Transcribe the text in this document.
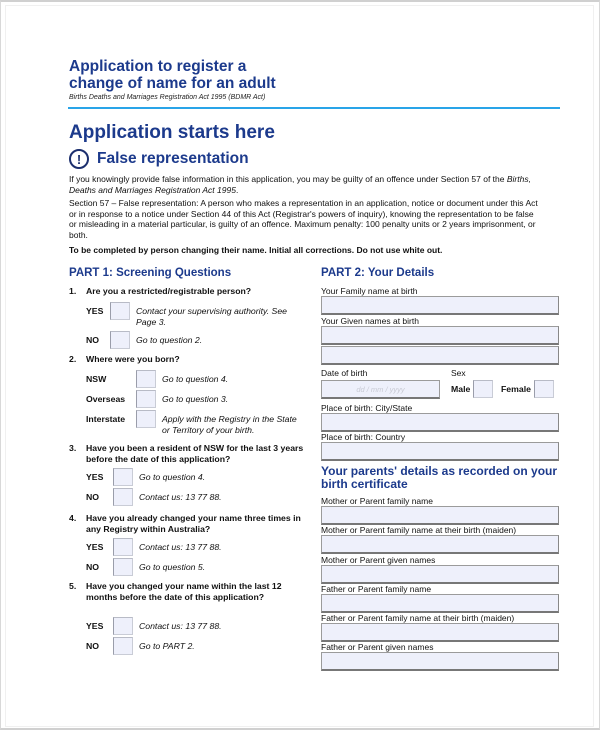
Application to register a
change of name for an adult
Births Deaths and Marriages Registration Act 1995 (BDMR Act)
Application starts here
!	False representation
If you knowingly provide false information in this application, you may be guilty of an offence under Section 57 of the Births, Deaths and Marriages Registration Act 1995.
Section 57 – False representation: A person who makes a representation in an application, notice or document under this Act or in response to a notice under Section 44 of this Act (Registrar's powers of inquiry), knowing the representation to be false or misleading in a material particular, is guilty of an offence. Maximum penalty: 100 penalty units or 2 years imprisonment, or both.
To be completed by person changing their name. Initial all corrections. Do not use white out.
PART 1: Screening Questions
1.	Are you a restricted/registrable person?
YES	Contact your supervising authority. See Page 3.
NO	Go to question 2.
2.	Where were you born?
NSW	Go to question 4.
Overseas	Go to question 3.
Interstate	Apply with the Registry in the State or Territory of your birth.
3.	Have you been a resident of NSW for the last 3 years before the date of this application?
YES	Go to question 4.
NO	Contact us: 13 77 88.
4.	Have you already changed your name three times in any Registry within Australia?
YES	Contact us: 13 77 88.
NO	Go to question 5.
5.	Have you changed your name within the last 12 months before the date of this application?
YES	Contact us: 13 77 88.
NO	Go to PART 2.
PART 2: Your Details
Your Family name at birth
Your Given names at birth
Date of birth
dd / mm / yyyy
Sex
Male	Female
Place of birth: City/State
Place of birth: Country
Your parents' details as recorded on your birth certificate
Mother or Parent family name
Mother or Parent family name at their birth (maiden)
Mother or Parent given names
Father or Parent family name
Father or Parent family name at their birth (maiden)
Father or Parent given names
